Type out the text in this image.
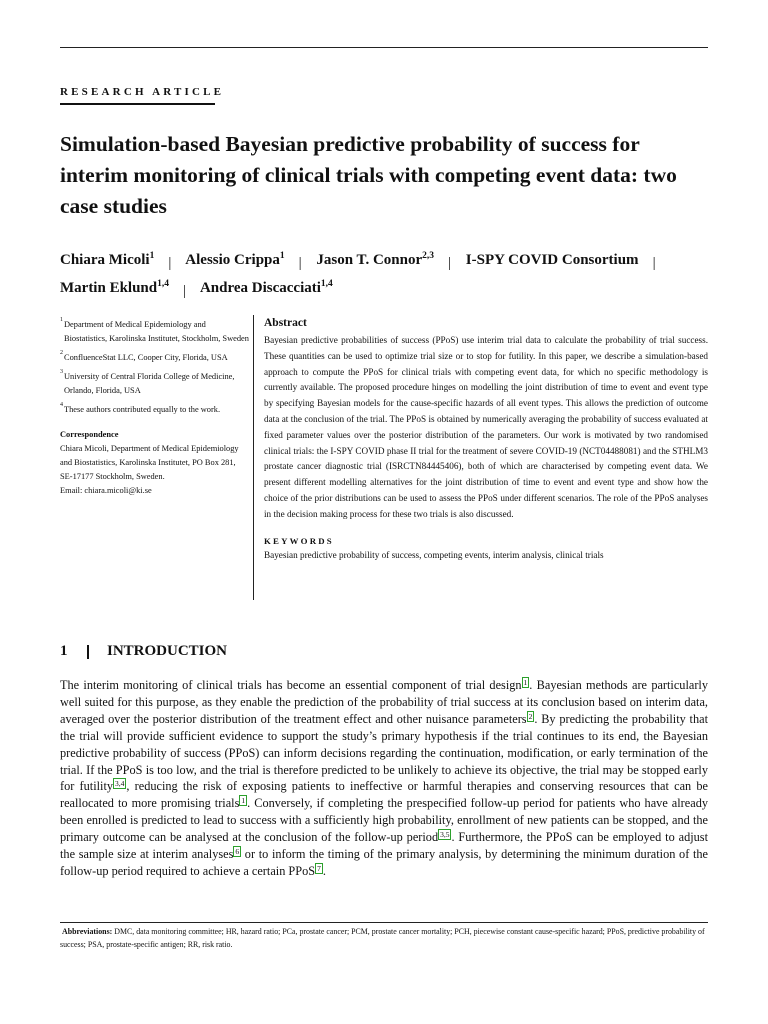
RESEARCH ARTICLE
Simulation-based Bayesian predictive probability of success for interim monitoring of clinical trials with competing event data: two case studies
Chiara Micoli$^1$ | Alessio Crippa$^1$ | Jason T. Connor$^{2,3}$ | I-SPY COVID Consortium |
Martin Eklund$^{1,4}$ | Andrea Discacciati$^{1,4}$
$^1$ Department of Medical Epidemiology and Biostatistics, Karolinska Institutet, Stockholm, Sweden
$^2$ ConfluenceStat LLC, Cooper City, Florida, USA
$^3$ University of Central Florida College of Medicine, Orlando, Florida, USA
$^4$ These authors contributed equally to the work.
Correspondence
Chiara Micoli, Department of Medical Epidemiology and Biostatistics, Karolinska Institutet, PO Box 281, SE-17177 Stockholm, Sweden.
Email: chiara.micoli@ki.se
Abstract

Bayesian predictive probabilities of success (PPoS) use interim trial data to calculate the probability of trial success. These quantities can be used to optimize trial size or to stop for futility. In this paper, we describe a simulation-based approach to compute the PPoS for clinical trials with competing event data, for which no specific methodology is currently available. The proposed procedure hinges on modelling the joint distribution of time to event and event type by specifying Bayesian models for the cause-specific hazards of all event types. This allows the prediction of outcome data at the conclusion of the trial. The PPoS is obtained by numerically averaging the probability of success evaluated at fixed parameter values over the posterior distribution of the parameters. Our work is motivated by two randomised clinical trials: the I-SPY COVID phase II trial for the treatment of severe COVID-19 (NCT04488081) and the STHLM3 prostate cancer diagnostic trial (ISRCTN84445406), both of which are characterised by competing event data. We present different modelling alternatives for the joint distribution of time to event and event type and show how the choice of the prior distributions can be used to assess the PPoS under different scenarios. The role of the PPoS analyses in the decision making process for these two trials is also discussed.

KEYWORDS
Bayesian predictive probability of success, competing events, interim analysis, clinical trials
1	INTRODUCTION

The interim monitoring of clinical trials has become an essential component of trial design 1 . Bayesian methods are particularly well suited for this purpose, as they enable the prediction of the probability of trial success at its conclusion based on interim data, averaged over the posterior distribution of the treatment effect and other nuisance parameters 2 . By predicting the probability that the trial will provide sufficient evidence to support the study’s primary hypothesis if the trial continues to its end, the Bayesian predictive probability of success (PPoS) can inform decisions regarding the continuation, modification, or early termination of the trial. If the PPoS is too low, and the trial is therefore predicted to be unlikely to achieve its objective, the trial may be stopped early for futility 3,4 , reducing the risk of exposing patients to ineffective or harmful therapies and conserving resources that can be reallocated to more promising trials 1 . Conversely, if completing the prespecified follow-up period for patients who have already been enrolled is predicted to lead to success with a sufficiently high probability, enrollment of new patients can be stopped, and the primary outcome can be analysed at the conclusion of the follow-up period 3,5 . Furthermore, the PPoS can be employed to adjust the sample size at interim analyses 6 or to inform the timing of the primary analysis, by determining the minimum duration of the follow-up period required to achieve a certain PPoS 7 .

Abbreviations: DMC, data monitoring committee; HR, hazard ratio; PCa, prostate cancer; PCM, prostate cancer mortality; PCH, piecewise constant cause-specific hazard; PPoS, predictive probability of success; PSA, prostate-specific antigen; RR, risk ratio.
